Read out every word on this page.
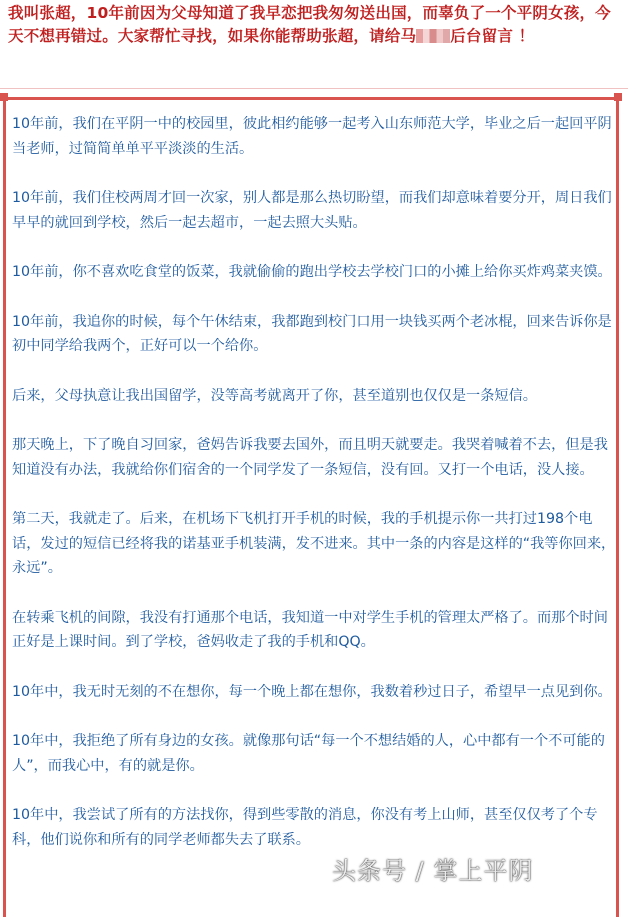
我叫张超，10年前因为父母知道了我早恋把我匆匆送出国，而辜负了一个平阴女孩，今天不想再错过。大家帮忙寻找，如果你能帮助张超，请给马 后台留言 ！

10年前，我们在平阴一中的校园里，彼此相约能够一起考入山东师范大学，毕业之后一起回平阴当老师，过简简单单平平淡淡的生活。

10年前，我们住校两周才回一次家，别人都是那么热切盼望，而我们却意味着要分开，周日我们早早的就回到学校，然后一起去超市，一起去照大头贴。

10年前，你不喜欢吃食堂的饭菜，我就偷偷的跑出学校去学校门口的小摊上给你买炸鸡菜夹馍。

10年前，我追你的时候，每个午休结束，我都跑到校门口用一块钱买两个老冰棍，回来告诉你是初中同学给我两个，正好可以一个给你。

后来，父母执意让我出国留学，没等高考就离开了你，甚至道别也仅仅是一条短信。

那天晚上，下了晚自习回家，爸妈告诉我要去国外，而且明天就要走。我哭着喊着不去，但是我知道没有办法，我就给你们宿舍的一个同学发了一条短信，没有回。又打一个电话，没人接。

第二天，我就走了。后来，在机场下飞机打开手机的时候，我的手机提示你一共打过198个电话，发过的短信已经将我的诺基亚手机装满，发不进来。其中一条的内容是这样的“我等你回来，永远”。

在转乘飞机的间隙，我没有打通那个电话，我知道一中对学生手机的管理太严格了。而那个时间正好是上课时间。到了学校，爸妈收走了我的手机和QQ。

10年中，我无时无刻的不在想你，每一个晚上都在想你，我数着秒过日子，希望早一点见到你。

10年中，我拒绝了所有身边的女孩。就像那句话“每一个不想结婚的人，心中都有一个不可能的人”，而我心中，有的就是你。

10年中，我尝试了所有的方法找你，得到些零散的消息，你没有考上山师，甚至仅仅考了个专科，他们说你和所有的同学老师都失去了联系。

头条号 / 掌上平阴
